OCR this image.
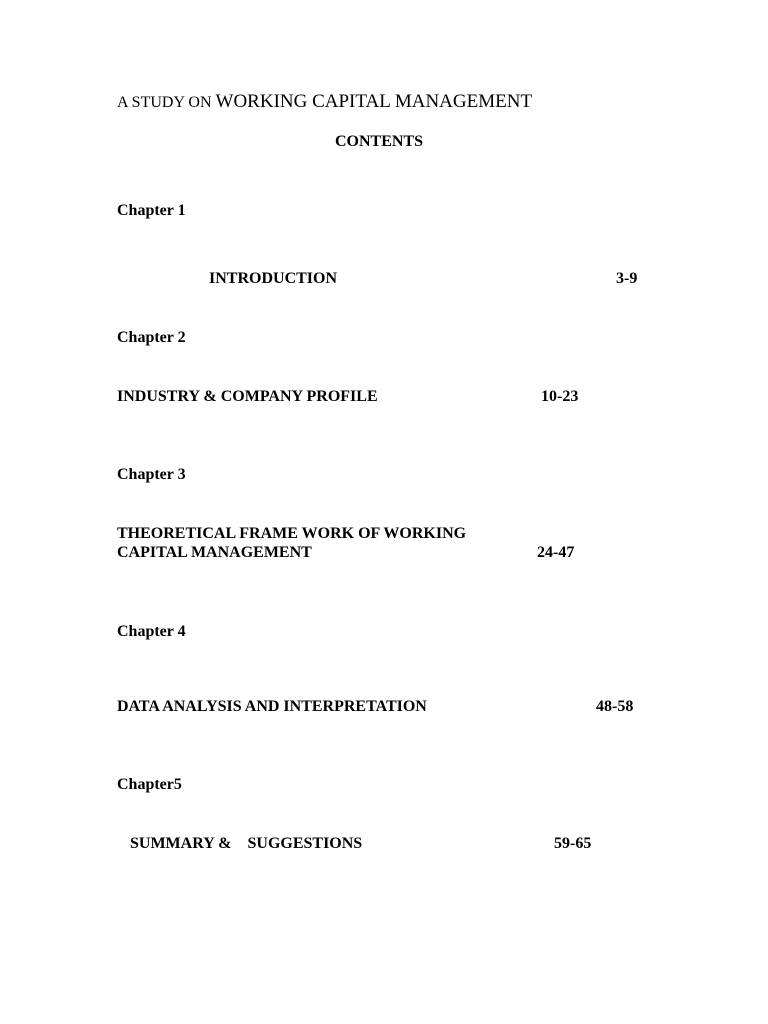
A STUDY ON WORKING CAPITAL MANAGEMENT
CONTENTS
Chapter 1
INTRODUCTION	3-9
Chapter 2
INDUSTRY & COMPANY PROFILE	10-23
Chapter 3
THEORETICAL FRAME WORK OF WORKING
CAPITAL MANAGEMENT	24-47
Chapter 4
DATA ANALYSIS AND INTERPRETATION	48-58
Chapter5
SUMMARY &    SUGGESTIONS	59-65
